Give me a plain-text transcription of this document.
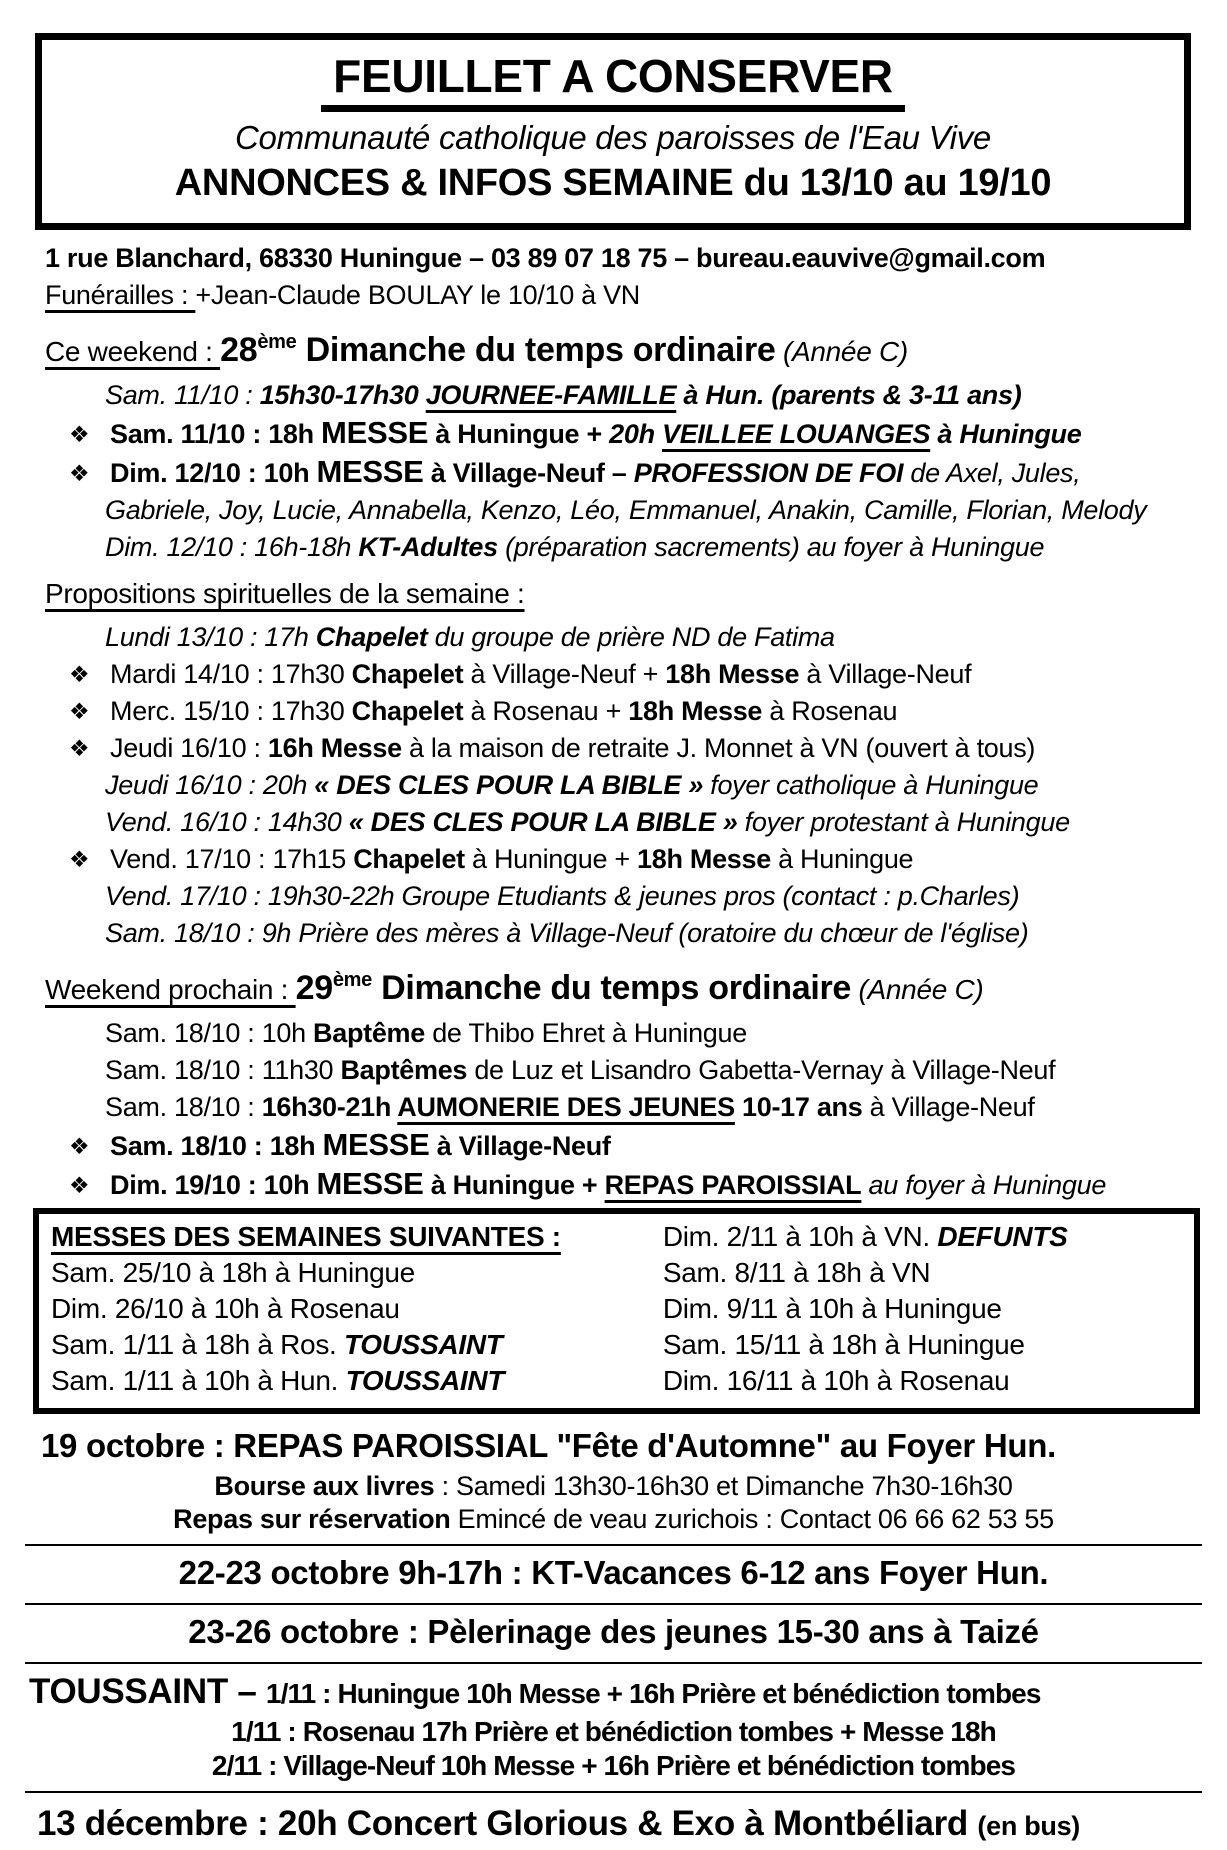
FEUILLET A CONSERVER
Communauté catholique des paroisses de l'Eau Vive
ANNONCES & INFOS SEMAINE du 13/10 au 19/10
1 rue Blanchard, 68330 Huningue – 03 89 07 18 75 – bureau.eauvive@gmail.com
Funérailles : +Jean-Claude BOULAY le 10/10 à VN
Ce weekend : 28ème Dimanche du temps ordinaire (Année C)
Sam. 11/10 : 15h30-17h30 JOURNEE-FAMILLE à Hun. (parents & 3-11 ans)
❖ Sam. 11/10 : 18h MESSE à Huningue + 20h VEILLEE LOUANGES à Huningue
❖ Dim. 12/10 : 10h MESSE à Village-Neuf – PROFESSION DE FOI de Axel, Jules,
Gabriele, Joy, Lucie, Annabella, Kenzo, Léo, Emmanuel, Anakin, Camille, Florian, Melody
Dim. 12/10 : 16h-18h KT-Adultes (préparation sacrements) au foyer à Huningue
Propositions spirituelles de la semaine :
Lundi 13/10 : 17h Chapelet du groupe de prière ND de Fatima
❖ Mardi 14/10 : 17h30 Chapelet à Village-Neuf + 18h Messe à Village-Neuf
❖ Merc. 15/10 : 17h30 Chapelet à Rosenau + 18h Messe à Rosenau
❖ Jeudi 16/10 : 16h Messe à la maison de retraite J. Monnet à VN (ouvert à tous)
Jeudi 16/10 : 20h « DES CLES POUR LA BIBLE » foyer catholique à Huningue
Vend. 16/10 : 14h30 « DES CLES POUR LA BIBLE » foyer protestant à Huningue
❖ Vend. 17/10 : 17h15 Chapelet à Huningue + 18h Messe à Huningue
Vend. 17/10 : 19h30-22h Groupe Etudiants & jeunes pros (contact : p.Charles)
Sam. 18/10 : 9h Prière des mères à Village-Neuf (oratoire du chœur de l'église)
Weekend prochain : 29ème Dimanche du temps ordinaire (Année C)
Sam. 18/10 : 10h Baptême de Thibo Ehret à Huningue
Sam. 18/10 : 11h30 Baptêmes de Luz et Lisandro Gabetta-Vernay à Village-Neuf
Sam. 18/10 : 16h30-21h AUMONERIE DES JEUNES 10-17 ans à Village-Neuf
❖ Sam. 18/10 : 18h MESSE à Village-Neuf
❖ Dim. 19/10 : 10h MESSE à Huningue + REPAS PAROISSIAL au foyer à Huningue
MESSES DES SEMAINES SUIVANTES :
Sam. 25/10 à 18h à Huningue
Dim. 26/10 à 10h à Rosenau
Sam. 1/11 à 18h à Ros. TOUSSAINT
Sam. 1/11 à 10h à Hun. TOUSSAINT
Dim. 2/11 à 10h à VN. DEFUNTS
Sam. 8/11 à 18h à VN
Dim. 9/11 à 10h à Huningue
Sam. 15/11 à 18h à Huningue
Dim. 16/11 à 10h à Rosenau
19 octobre : REPAS PAROISSIAL "Fête d'Automne" au Foyer Hun.
Bourse aux livres : Samedi 13h30-16h30 et Dimanche 7h30-16h30
Repas sur réservation Emincé de veau zurichois : Contact 06 66 62 53 55
22-23 octobre 9h-17h : KT-Vacances 6-12 ans Foyer Hun.
23-26 octobre : Pèlerinage des jeunes 15-30 ans à Taizé
TOUSSAINT – 1/11 : Huningue 10h Messe + 16h Prière et bénédiction tombes
1/11 : Rosenau 17h Prière et bénédiction tombes + Messe 18h
2/11 : Village-Neuf 10h Messe + 16h Prière et bénédiction tombes
13 décembre : 20h Concert Glorious & Exo à Montbéliard (en bus)
